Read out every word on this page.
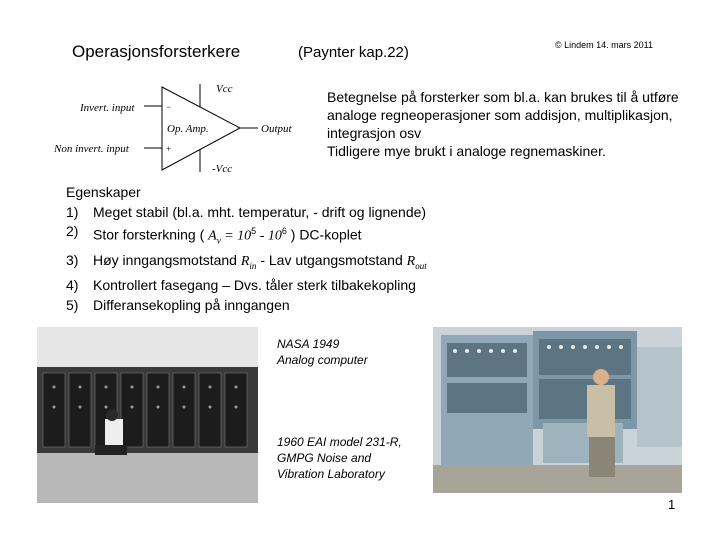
Operasjonsforsterkere	(Paynter kap.22)	© Lindem 14. mars 2011
Vcc
-Vcc
Invert. input
Non invert. input
Op. Amp.	Output
−
+

Betegnelse på forsterker som bl.a. kan brukes til å utføre analoge regneoperasjoner som addisjon, multiplikasjon, integrasjon osv

Tidligere mye brukt i analoge regnemaskiner.

Egenskaper
1)	Meget stabil (bl.a. mht. temperatur, - drift og lignende)
2)	Stor forsterkning ( $A_v = 10^5 - 10^6$ ) DC-koplet
3)	Høy inngangsmotstand $R_{in}$ - Lav utgangsmotstand $R_{out}$
4)	Kontrollert fasegang – Dvs. tåler sterk tilbakekopling
5)	Differansekopling på inngangen
NASA 1949
Analog computer
1960 EAI model 231-R,
GMPG Noise and
Vibration Laboratory
1
